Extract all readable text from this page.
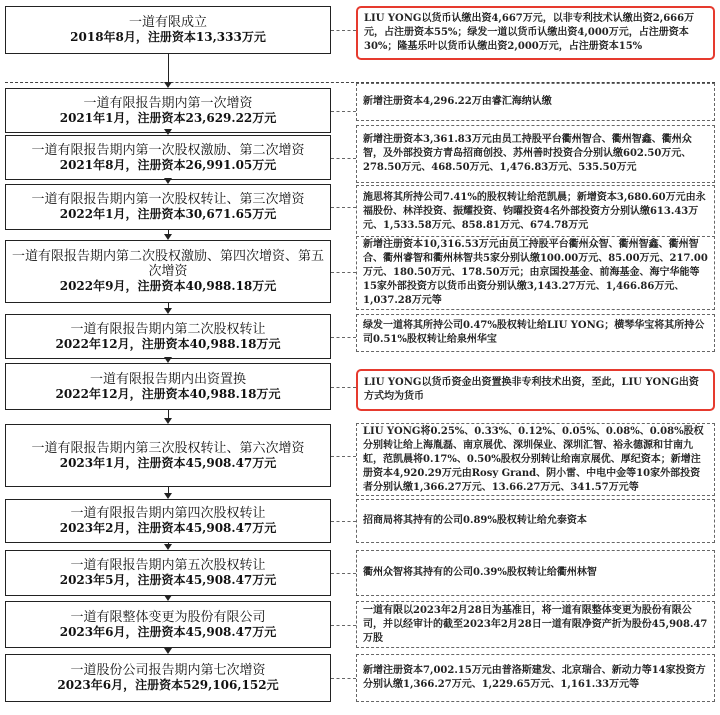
一道有限成立
2018年8月，注册资本13,333万元
LIU YONG以货币认缴出资4,667万元，以非专利技术认缴出资2,666万元，占注册资本55%；绿发一道以货币认缴出资4,000万元，占注册资本30%；隆基乐叶以货币认缴出资2,000万元，占注册资本15%
一道有限报告期内第一次增资
2021年1月，注册资本23,629.22万元
新增注册资本4,296.22万由睿汇海纳认缴
一道有限报告期内第一次股权激励、第二次增资
2021年8月，注册资本26,991.05万元
新增注册资本3,361.83万元由员工持股平台衢州智合、衢州智鑫、衢州众智，及外部投资方青岛招商创投、苏州善时投资合分别认缴602.50万元、278.50万元、468.50万元、1,476.83万元、535.50万元
一道有限报告期内第一次股权转让、第三次增资
2022年1月，注册资本30,671.65万元
施思将其所持公司7.41%的股权转让给范凯晨；新增资本3,680.60万元由永福股份、林洋投资、振耀投资、钧曜投资4名外部投资方分别认缴613.43万元、1,533.58万元、858.81万元、674.78万元
一道有限报告期内第二次股权激励、第四次增资、第五次增资
2022年9月，注册资本40,988.18万元
新增注册资本10,316.53万元由员工持股平台衢州众智、衢州智鑫、衢州智合、衢州睿智和衢州林智共5家分别认缴100.00万元、85.00万元、217.00万元、180.50万元、178.50万元；由京国投基金、前海基金、海宁华能等15家外部投资方以货币出资分别认缴3,143.27万元、1,466.86万元、1,037.28万元等
一道有限报告期内第二次股权转让
2022年12月，注册资本40,988.18万元
绿发一道将其所持公司0.47%股权转让给LIU YONG；横琴华宝将其所持公司0.51%股权转让给泉州华宝
一道有限报告期内出资置换
2022年12月，注册资本40,988.18万元
LIU YONG以货币资金出资置换非专利技术出资，至此，LIU YONG出资方式均为货币
一道有限报告期内第三次股权转让、第六次增资
2023年1月，注册资本45,908.47万元
LIU YONG将0.25%、0.33%、0.12%、0.05%、0.08%、0.08%股权分别转让给上海胤磊、南京展优、深圳保业、深圳汇智、裕永德源和甘南九虹，范凯晨将0.17%、0.50%股权分别转让给南京展优、厚纪资本；新增注册资本4,920.29万元由Rosy Grand、阴小雷、中电中金等10家外部投资者分别认缴1,366.27万元、13.66.27万元、341.57万元等
一道有限报告期内第四次股权转让
2023年2月，注册资本45,908.47万元
招商局将其持有的公司0.89%股权转让给允泰资本
一道有限报告期内第五次股权转让
2023年5月，注册资本45,908.47万元
衢州众智将其持有的公司0.39%股权转让给衢州林智
一道有限整体变更为股份有限公司
2023年6月，注册资本45,908.47万元
一道有限以2023年2月28日为基准日，将一道有限整体变更为股份有限公司，并以经审计的截至2023年2月28日一道有限净资产折为股份45,908.47万股
一道股份公司报告期内第七次增资
2023年6月，注册资本529,106,152元
新增注册资本7,002.15万元由普洛斯建发、北京瑞合、新动力等14家投资方分别认缴1,366.27万元、1,229.65万元、1,161.33万元等
